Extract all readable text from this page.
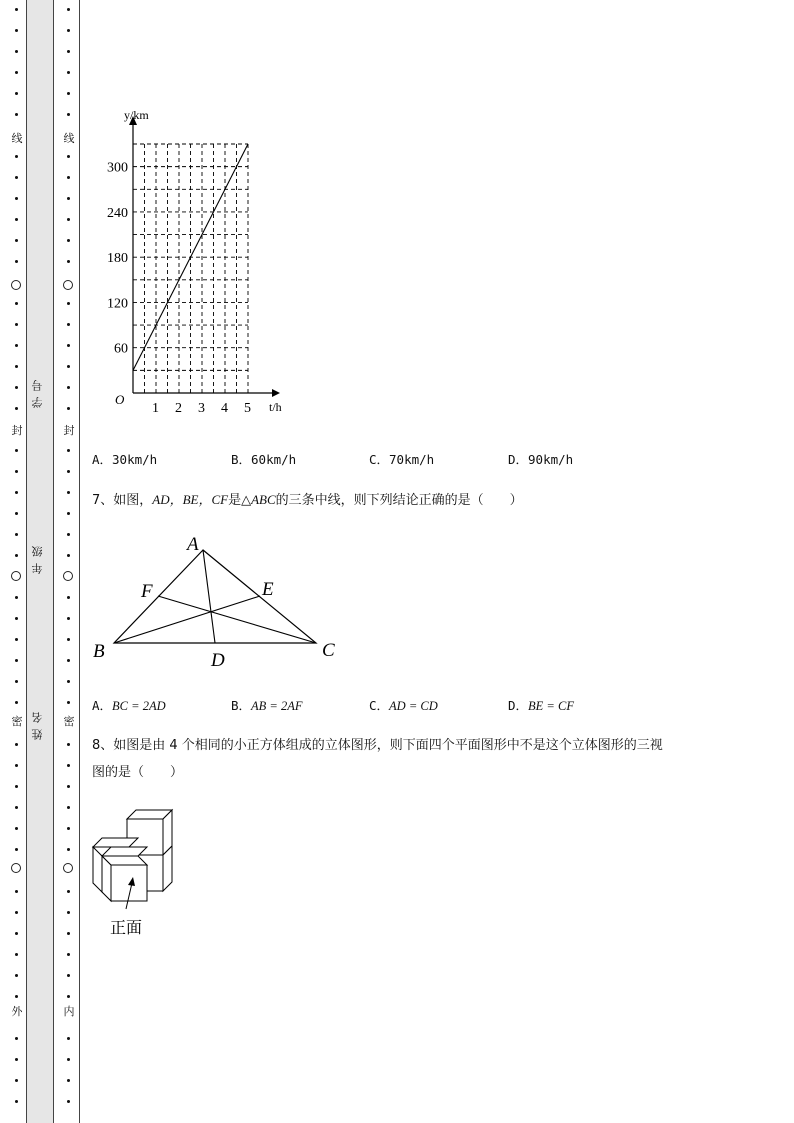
线
封
密
外
线
封
密
内
学号
年级
姓名
1 2 3 4 5
60
120
180
240
300
O	t/h
y/km
A．30km/h	B．60km/h	C．70km/h	D．90km/h
7、如图，AD，BE，CF是△ABC的三条中线，则下列结论正确的是（　　）
A
B	C
D
E
F
A．BC = 2AD	B．AB = 2AF	C．AD = CD	D．BE = CF
8、如图是由 4 个相同的小正方体组成的立体图形，则下面四个平面图形中不是这个立体图形的三视
图的是（　　）
正面
